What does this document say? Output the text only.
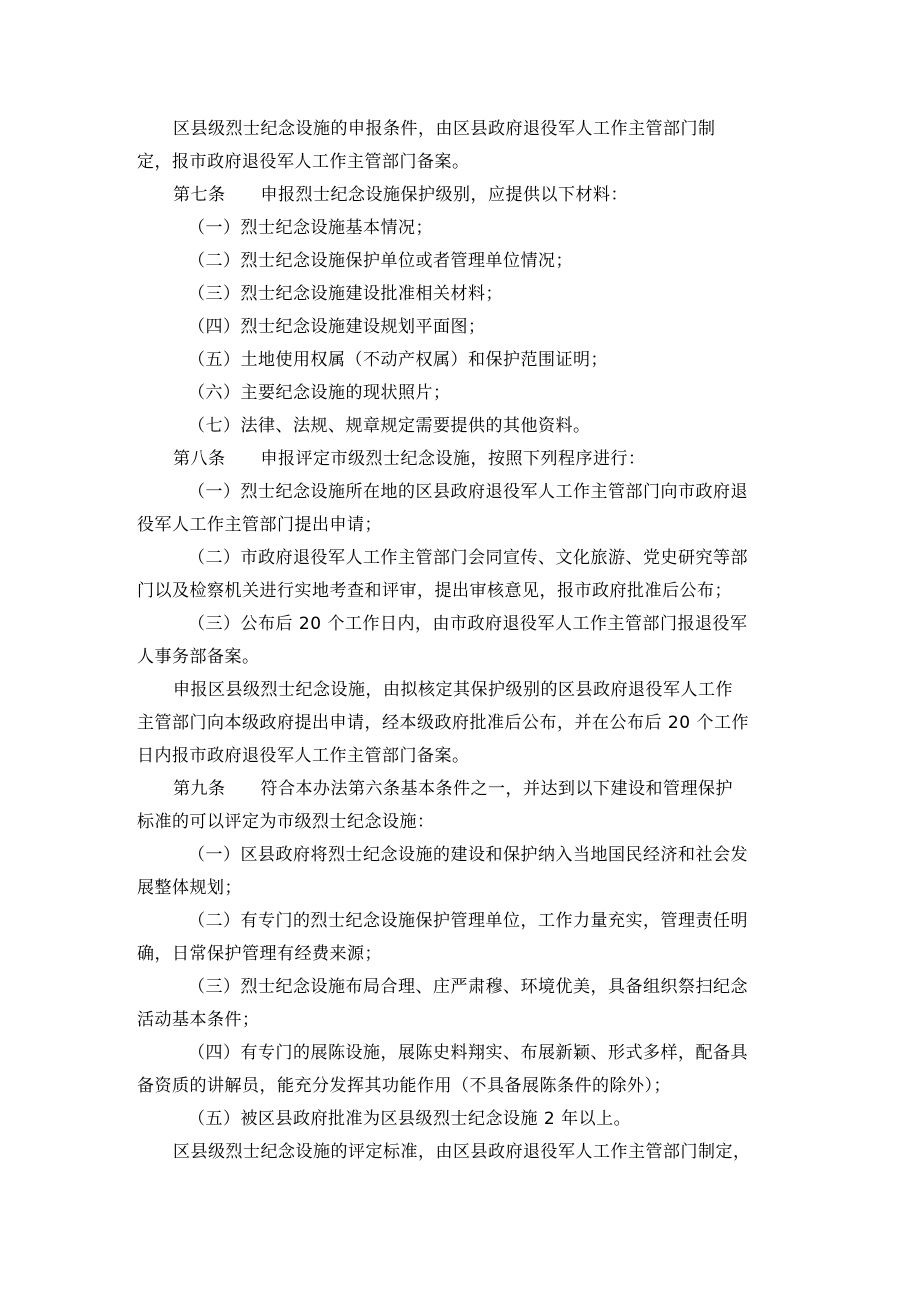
区县级烈士纪念设施的申报条件，由区县政府退役军人工作主管部门制
定，报市政府退役军人工作主管部门备案。
第七条　　申报烈士纪念设施保护级别，应提供以下材料：
（一）烈士纪念设施基本情况；
（二）烈士纪念设施保护单位或者管理单位情况；
（三）烈士纪念设施建设批准相关材料；
（四）烈士纪念设施建设规划平面图；
（五）土地使用权属（不动产权属）和保护范围证明；
（六）主要纪念设施的现状照片；
（七）法律、法规、规章规定需要提供的其他资料。
第八条　　申报评定市级烈士纪念设施，按照下列程序进行：
（一）烈士纪念设施所在地的区县政府退役军人工作主管部门向市政府退
役军人工作主管部门提出申请；
（二）市政府退役军人工作主管部门会同宣传、文化旅游、党史研究等部
门以及检察机关进行实地考查和评审，提出审核意见，报市政府批准后公布；
（三）公布后 20 个工作日内，由市政府退役军人工作主管部门报退役军
人事务部备案。
申报区县级烈士纪念设施，由拟核定其保护级别的区县政府退役军人工作
主管部门向本级政府提出申请，经本级政府批准后公布，并在公布后 20 个工作
日内报市政府退役军人工作主管部门备案。
第九条　　符合本办法第六条基本条件之一，并达到以下建设和管理保护
标准的可以评定为市级烈士纪念设施：
（一）区县政府将烈士纪念设施的建设和保护纳入当地国民经济和社会发
展整体规划；
（二）有专门的烈士纪念设施保护管理单位，工作力量充实，管理责任明
确，日常保护管理有经费来源；
（三）烈士纪念设施布局合理、庄严肃穆、环境优美，具备组织祭扫纪念
活动基本条件；
（四）有专门的展陈设施，展陈史料翔实、布展新颖、形式多样，配备具
备资质的讲解员，能充分发挥其功能作用（不具备展陈条件的除外）；
（五）被区县政府批准为区县级烈士纪念设施 2 年以上。
区县级烈士纪念设施的评定标准，由区县政府退役军人工作主管部门制定，
